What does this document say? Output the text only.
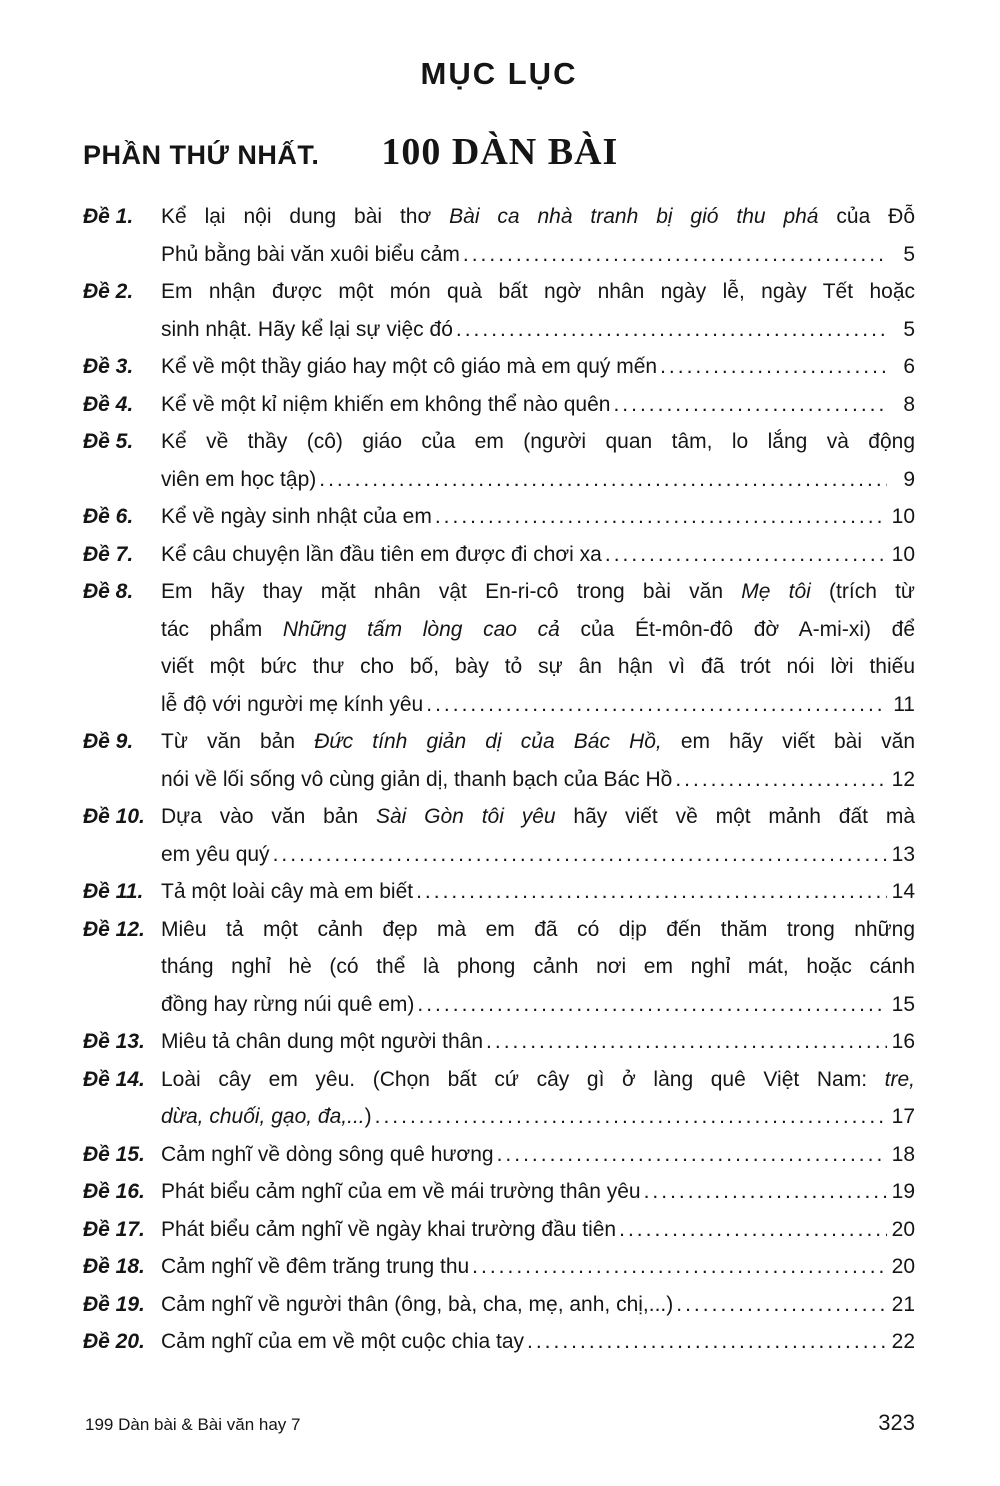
MỤC LỤC
PHẦN THỨ NHẤT. 100 DÀN BÀI
Đề 1.	Kể lại nội dung bài thơ Bài ca nhà tranh bị gió thu phá của Đỗ
Phủ bằng bài văn xuôi biểu cảm .....	5
Đề 2.	Em nhận được một món quà bất ngờ nhân ngày lễ, ngày Tết hoặc
sinh nhật. Hãy kể lại sự việc đó .....	5
Đề 3.	Kể về một thầy giáo hay một cô giáo mà em quý mến .....	6
Đề 4.	Kể về một kỉ niệm khiến em không thể nào quên .....	8
Đề 5.	Kể về thầy (cô) giáo của em (người quan tâm, lo lắng và động
viên em học tập) .....	9
Đề 6.	Kể về ngày sinh nhật của em .....	10
Đề 7.	Kể câu chuyện lần đầu tiên em được đi chơi xa .....	10
Đề 8.	Em hãy thay mặt nhân vật En-ri-cô trong bài văn Mẹ tôi (trích từ
tác phẩm Những tấm lòng cao cả của Ét-môn-đô đờ A-mi-xi) để
viết một bức thư cho bố, bày tỏ sự ân hận vì đã trót nói lời thiếu
lễ độ với người mẹ kính yêu .....	11
Đề 9.	Từ văn bản Đức tính giản dị của Bác Hồ, em hãy viết bài văn
nói về lối sống vô cùng giản dị, thanh bạch của Bác Hồ .....	12
Đề 10. Dựa vào văn bản Sài Gòn tôi yêu hãy viết về một mảnh đất mà
em yêu quý .....	13
Đề 11. Tả một loài cây mà em biết .....	14
Đề 12. Miêu tả một cảnh đẹp mà em đã có dịp đến thăm trong những
tháng nghỉ hè (có thể là phong cảnh nơi em nghỉ mát, hoặc cánh
đồng hay rừng núi quê em) .....	15
Đề 13. Miêu tả chân dung một người thân .....	16
Đề 14. Loài cây em yêu. (Chọn bất cứ cây gì ở làng quê Việt Nam: tre,
dừa, chuối, gạo, đa,...) .....	17
Đề 15. Cảm nghĩ về dòng sông quê hương .....	18
Đề 16. Phát biểu cảm nghĩ của em về mái trường thân yêu .....	19
Đề 17. Phát biểu cảm nghĩ về ngày khai trường đầu tiên .....	20
Đề 18. Cảm nghĩ về đêm trăng trung thu .....	20
Đề 19. Cảm nghĩ về người thân (ông, bà, cha, mẹ, anh, chị,...) .....	21
Đề 20. Cảm nghĩ của em về một cuộc chia tay .....	22
199 Dàn bài & Bài văn hay 7	323
